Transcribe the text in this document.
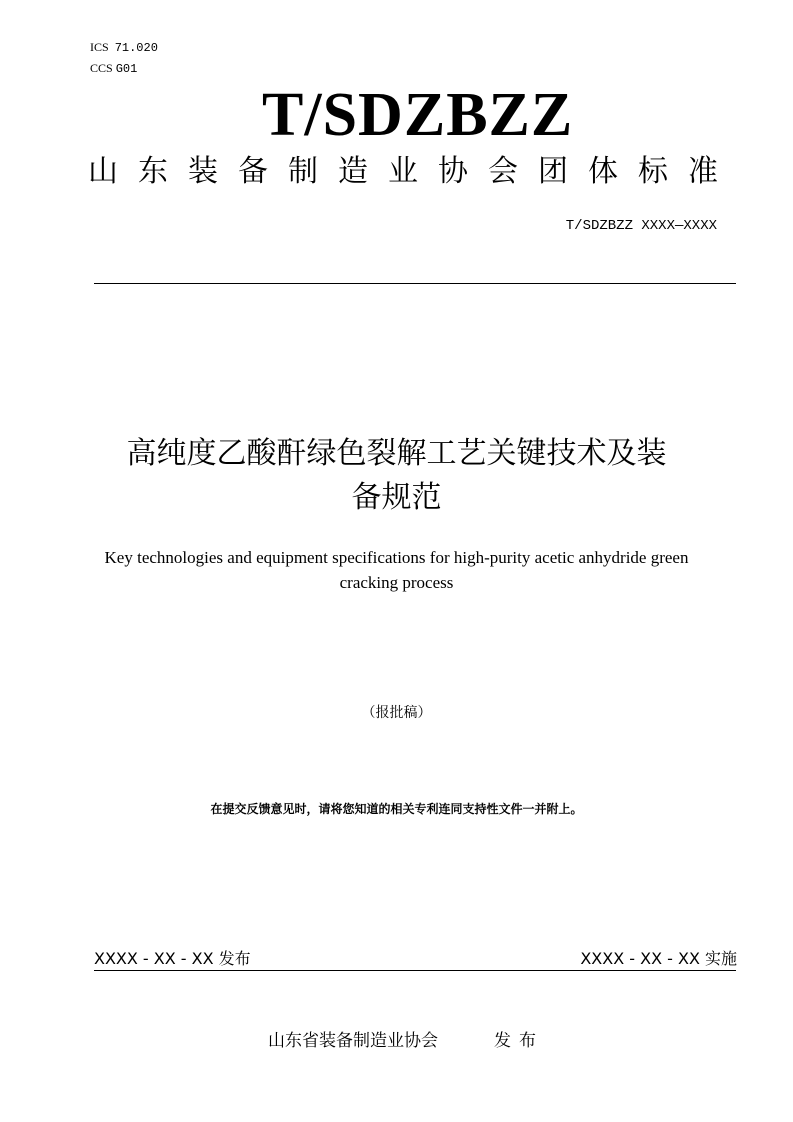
ICS 71.020
CCS G01
T/SDZBZZ
山东装备制造业协会团体标准
T/SDZBZZ XXXX—XXXX
高纯度乙酸酐绿色裂解工艺关键技术及装
备规范
Key technologies and equipment specifications for high-purity acetic anhydride green
cracking process
（报批稿）
在提交反馈意见时，请将您知道的相关专利连同支持性文件一并附上。
XXXX - XX - XX 发布	XXXX - XX - XX 实施
山东省装备制造业协会	发布
